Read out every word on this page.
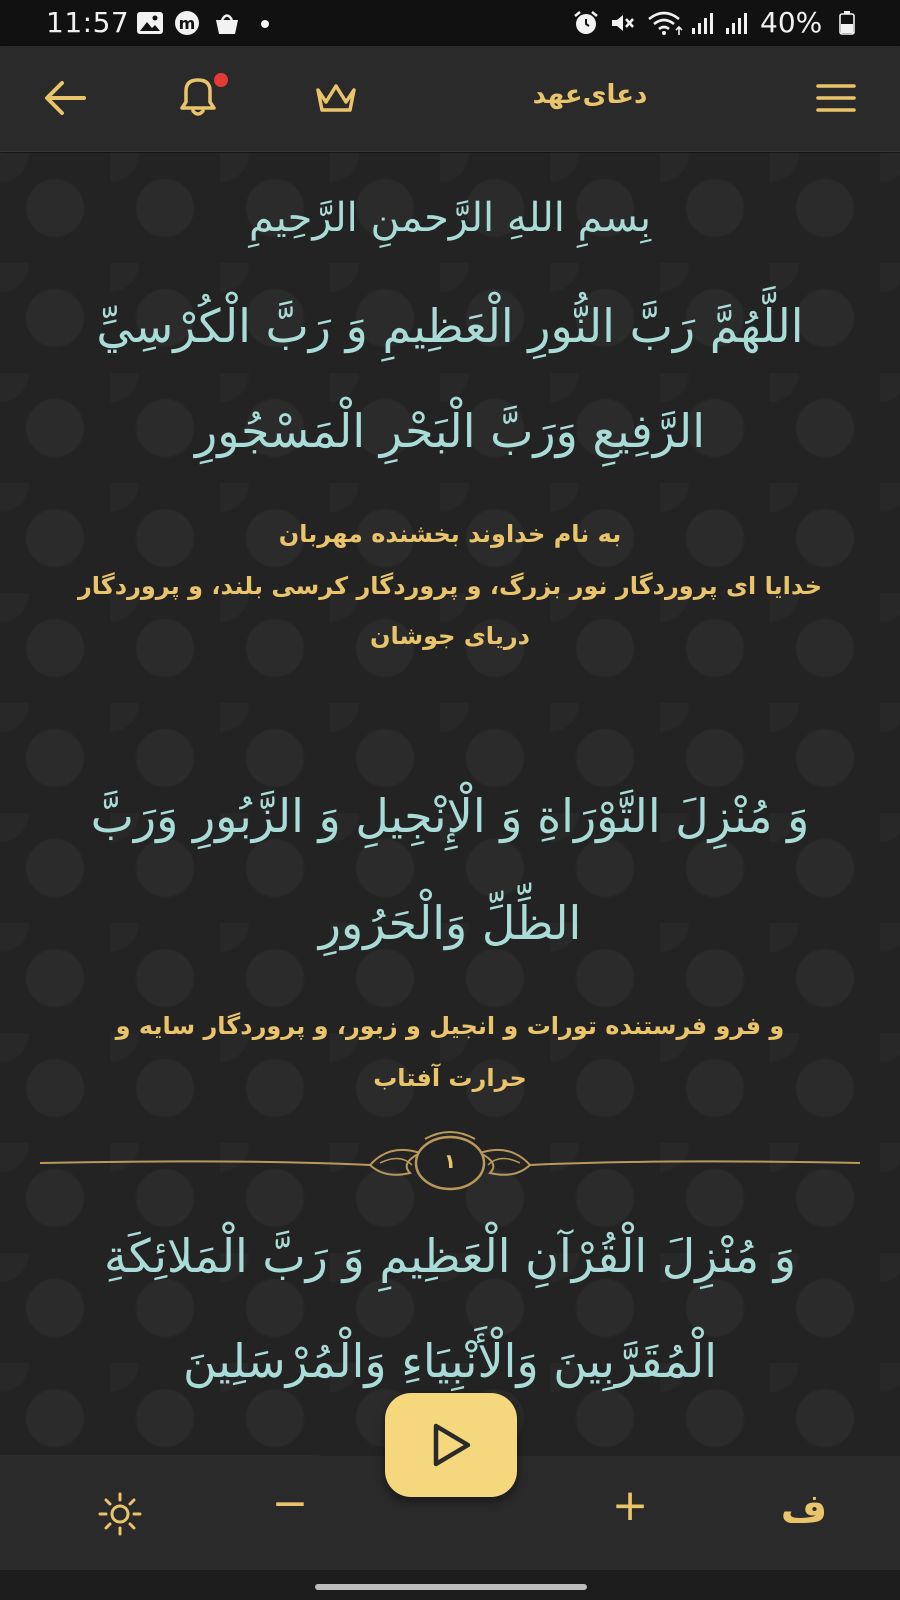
11:57	m	40%
دعای‌عهد
بِسمِ اللهِ الرَّحمنِ الرَّحِيمِ
اللَّهُمَّ رَبَّ النُّورِ الْعَظِيمِ وَ رَبَّ الْكُرْسِيِّ
الرَّفِيعِ وَرَبَّ الْبَحْرِ الْمَسْجُورِ
به نام خداوند بخشنده مهربان
خدایا ای پروردگار نور بزرگ، و پروردگار کرسی بلند، و پروردگار
دریای جوشان
وَ مُنْزِلَ التَّوْرَاةِ وَ الْإِنْجِيلِ وَ الزَّبُورِ وَرَبَّ
الظِّلِّ وَالْحَرُورِ
و فرو فرستنده تورات و انجیل و زبور، و پروردگار سایه و
حرارت آفتاب
۱
وَ مُنْزِلَ الْقُرْآنِ الْعَظِيمِ وَ رَبَّ الْمَلائِكَةِ
الْمُقَرَّبِينَ وَالْأَنْبِيَاءِ وَالْمُرْسَلِينَ
ف
+
−
